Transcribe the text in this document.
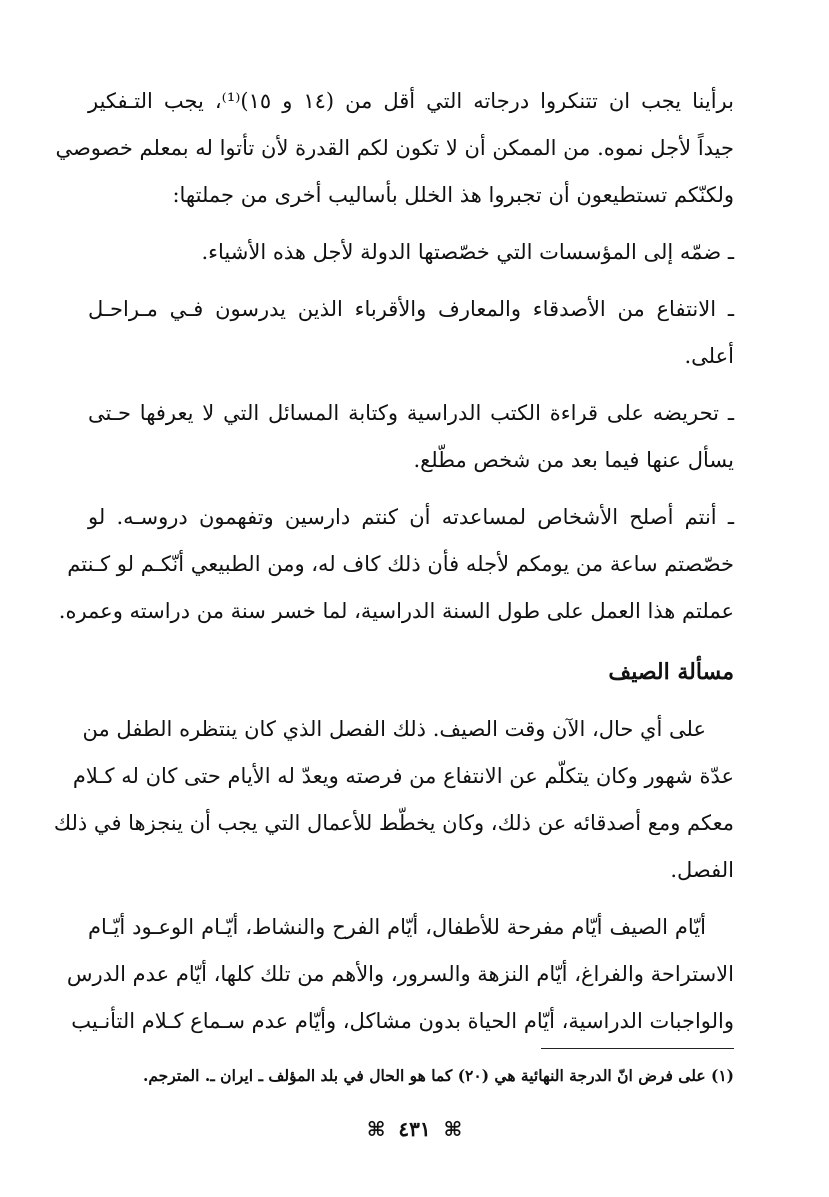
برأينا يجب ان تتنكروا درجاته التي أقل من (١٤ و ١٥)⁽¹⁾، يجب التـفكير
جيداً لأجل نموه. من الممكن أن لا تكون لكم القدرة لأن تأتوا له بمعلم خصوصي
ولكنّكم تستطيعون أن تجبروا هذ الخلل بأساليب أخرى من جملتها:

ـ ضمّه إلى المؤسسات التي خصّصتها الدولة لأجل هذه الأشياء.

ـ الانتفاع من الأصدقاء والمعارف والأقرباء الذين يدرسون فـي مـراحـل
أعلى.

ـ تحريضه على قراءة الكتب الدراسية وكتابة المسائل التي لا يعرفها حـتى
يسأل عنها فيما بعد من شخص مطّلع.

ـ أنتم أصلح الأشخاص لمساعدته أن كنتم دارسين وتفهمون دروسـه. لو
خصّصتم ساعة من يومكم لأجله فأن ذلك كاف له، ومن الطبيعي أنّكـم لو كـنتم
عملتم هذا العمل على طول السنة الدراسية، لما خسر سنة من دراسته وعمره.

مسألة الصيف

على أي حال، الآن وقت الصيف. ذلك الفصل الذي كان ينتظره الطفل من
عدّة شهور وكان يتكلّم عن الانتفاع من فرصته ويعدّ له الأيام حتى كان له كـلام
معكم ومع أصدقائه عن ذلك، وكان يخطّط للأعمال التي يجب أن ينجزها في ذلك
الفصل.

أيّام الصيف أيّام مفرحة للأطفال، أيّام الفرح والنشاط، أيّـام الوعـود أيّـام
الاستراحة والفراغ، أيّام النزهة والسرور، والأهم من تلك كلها، أيّام عدم الدرس
والواجبات الدراسية، أيّام الحياة بدون مشاكل، وأيّام عدم سـماع كـلام التأنـيب

(١) على فرض انّ الدرجة النهائية هي (٢٠) كما هو الحال في بلد المؤلف ـ ايران ـ. المترجم.
⌘ ٤٣١ ⌘
